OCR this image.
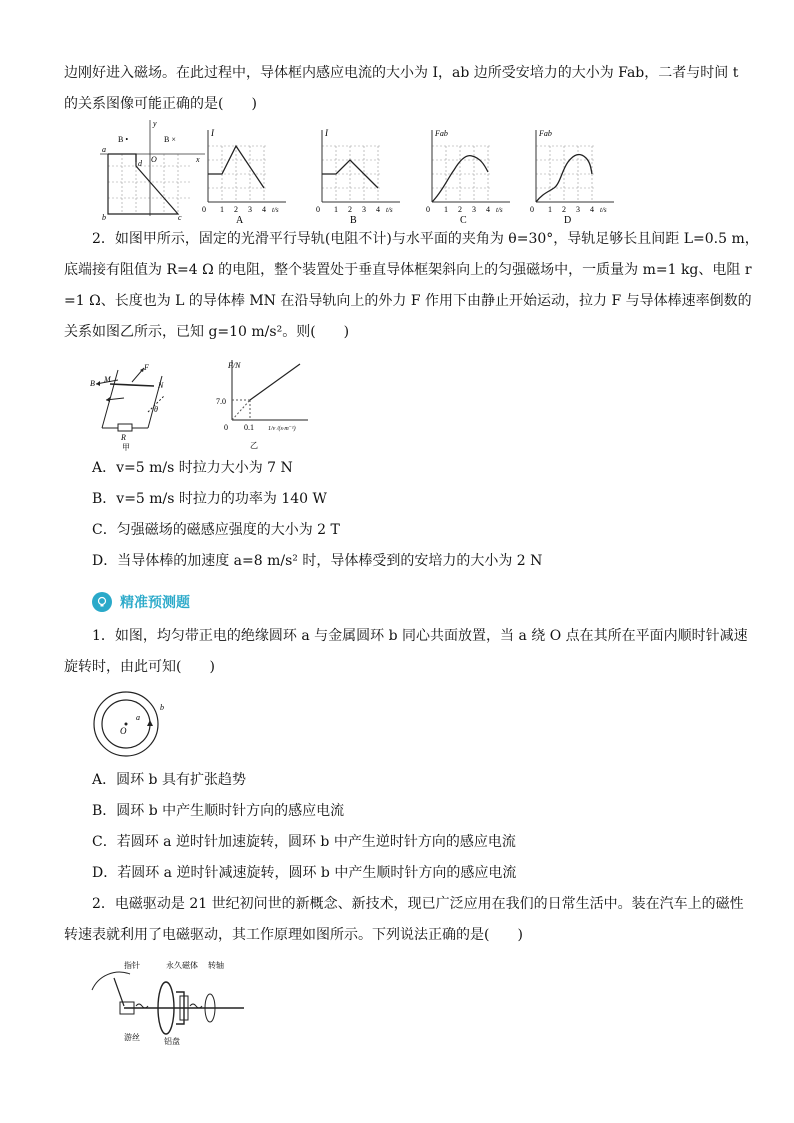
边刚好进入磁场。在此过程中，导体框内感应电流的大小为 I，ab 边所受安培力的大小为 Fab，二者与时间 t
的关系图像可能正确的是(　　)
B •	B ×
a
b	c
d O	x
y
I
t/s
0 1 2 3 4
A
I
t/s
0 1 2 3 4
B
Fab
t/s
0 1 2 3 4
C
Fab
t/s
0 1 2 3 4
D
2．如图甲所示，固定的光滑平行导轨(电阻不计)与水平面的夹角为 θ=30°，导轨足够长且间距 L=0.5 m，
底端接有阻值为 R=4 Ω 的电阻，整个装置处于垂直导体框架斜向上的匀强磁场中，一质量为 m=1 kg、电阻 r
=1 Ω、长度也为 L 的导体棒 MN 在沿导轨向上的外力 F 作用下由静止开始运动，拉力 F 与导体棒速率倒数的
关系如图乙所示，已知 g=10 m/s²。则(　　)
F
B M
N
R
θ
甲
F/N
7.0
0 0.1 1/v /(s·m⁻¹)
乙
A．v=5 m/s 时拉力大小为 7 N
B．v=5 m/s 时拉力的功率为 140 W
C．匀强磁场的磁感应强度的大小为 2 T
D．当导体棒的加速度 a=8 m/s² 时，导体棒受到的安培力的大小为 2 N
精准预测题
1．如图，均匀带正电的绝缘圆环 a 与金属圆环 b 同心共面放置，当 a 绕 O 点在其所在平面内顺时针减速
旋转时，由此可知(　　)
O
a
b
A．圆环 b 具有扩张趋势
B．圆环 b 中产生顺时针方向的感应电流
C．若圆环 a 逆时针加速旋转，圆环 b 中产生逆时针方向的感应电流
D．若圆环 a 逆时针减速旋转，圆环 b 中产生顺时针方向的感应电流
2．电磁驱动是 21 世纪初问世的新概念、新技术，现已广泛应用在我们的日常生活中。装在汽车上的磁性
转速表就利用了电磁驱动，其工作原理如图所示。下列说法正确的是(　　)
指针	永久磁体 转轴
游丝	铝盘
